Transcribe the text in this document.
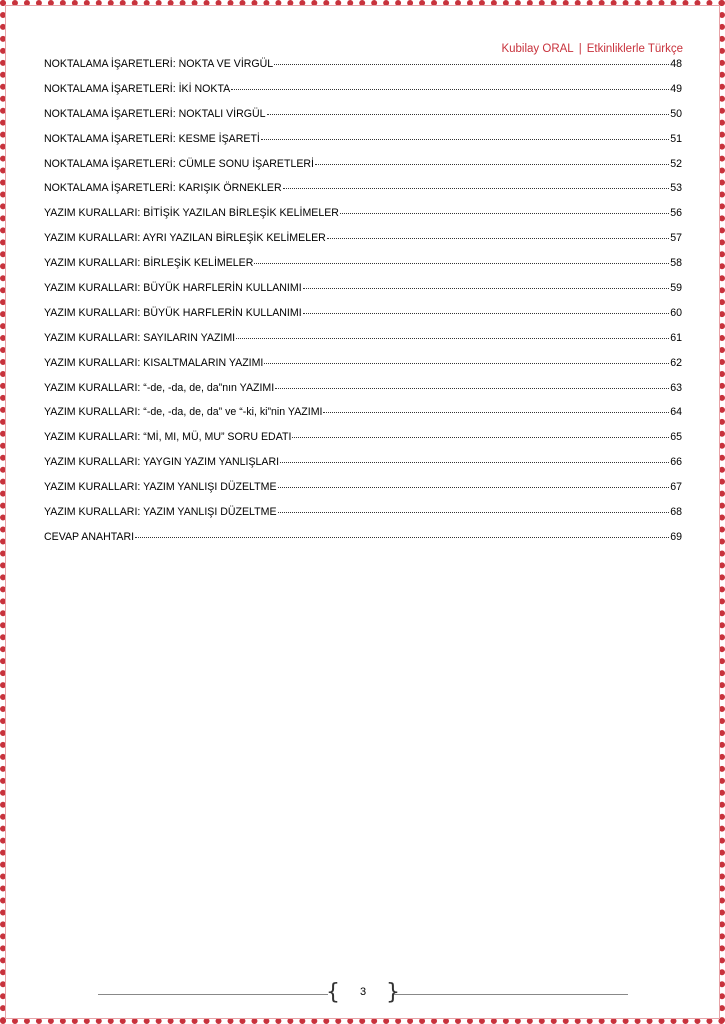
Kubilay ORAL | Etkinliklerle Türkçe
NOKTALAMA İŞARETLERİ: NOKTA VE VİRGÜL	48
NOKTALAMA İŞARETLERİ: İKİ NOKTA	49
NOKTALAMA İŞARETLERİ: NOKTALI VİRGÜL	50
NOKTALAMA İŞARETLERİ: KESME İŞARETİ	51
NOKTALAMA İŞARETLERİ: CÜMLE SONU İŞARETLERİ	52
NOKTALAMA İŞARETLERİ: KARIŞIK ÖRNEKLER	53
YAZIM KURALLARI: BİTİŞİK YAZILAN BİRLEŞİK KELİMELER	56
YAZIM KURALLARI: AYRI YAZILAN BİRLEŞİK KELİMELER	57
YAZIM KURALLARI: BİRLEŞİK KELİMELER	58
YAZIM KURALLARI: BÜYÜK HARFLERİN KULLANIMI	59
YAZIM KURALLARI: BÜYÜK HARFLERİN KULLANIMI	60
YAZIM KURALLARI: SAYILARIN YAZIMI	61
YAZIM KURALLARI: KISALTMALARIN YAZIMI	62
YAZIM KURALLARI: “-de, -da, de, da”nın YAZIMI	63
YAZIM KURALLARI: “-de, -da, de, da” ve “-ki, ki”nin YAZIMI	64
YAZIM KURALLARI: “Mİ, MI, MÜ, MU” SORU EDATI	65
YAZIM KURALLARI: YAYGIN YAZIM YANLIŞLARI	66
YAZIM KURALLARI: YAZIM YANLIŞI DÜZELTME	67
YAZIM KURALLARI: YAZIM YANLIŞI DÜZELTME	68
CEVAP ANAHTARI	69
{	3 }
